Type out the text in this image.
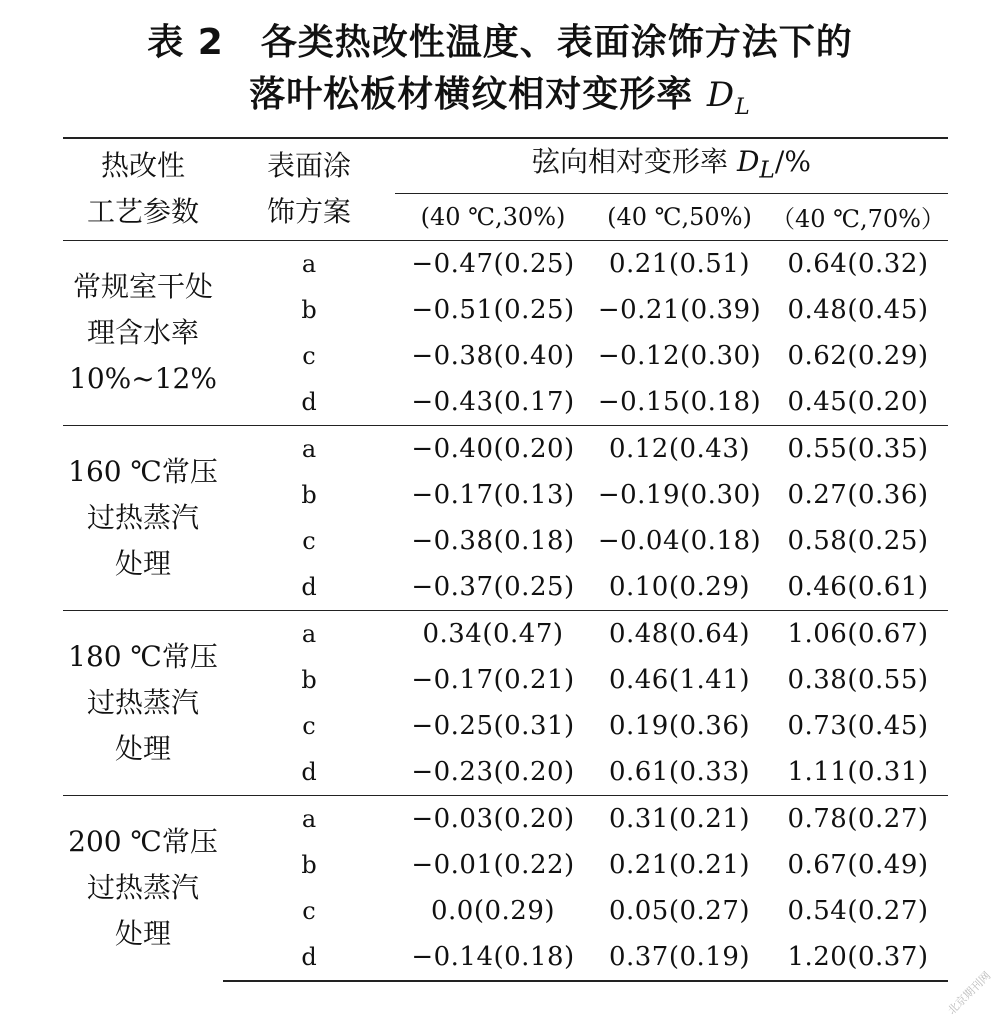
表 2　各类热改性温度、表面涂饰方法下的
落叶松板材横纹相对变形率 $D_L$
热改性
工艺参数	表面涂
饰方案	弦向相对变形率 $D_L/\%$		
		(40 ℃,30%)	(40 ℃,50%)	（40 ℃,70%）
常规室干处
理含水率
10%~12%	a	−0.47(0.25)	0.21(0.51)	0.64(0.32)
	b	−0.51(0.25)	−0.21(0.39)	0.48(0.45)
	c	−0.38(0.40)	−0.12(0.30)	0.62(0.29)
	d	−0.43(0.17)	−0.15(0.18)	0.45(0.20)
160 ℃常压
过热蒸汽
处理	a	−0.40(0.20)	0.12(0.43)	0.55(0.35)
	b	−0.17(0.13)	−0.19(0.30)	0.27(0.36)
	c	−0.38(0.18)	−0.04(0.18)	0.58(0.25)
	d	−0.37(0.25)	0.10(0.29)	0.46(0.61)
180 ℃常压
过热蒸汽
处理	a	0.34(0.47)	0.48(0.64)	1.06(0.67)
	b	−0.17(0.21)	0.46(1.41)	0.38(0.55)
	c	−0.25(0.31)	0.19(0.36)	0.73(0.45)
	d	−0.23(0.20)	0.61(0.33)	1.11(0.31)
200 ℃常压
过热蒸汽
处理	a	−0.03(0.20)	0.31(0.21)	0.78(0.27)
	b	−0.01(0.22)	0.21(0.21)	0.67(0.49)
	c	0.0(0.29)	0.05(0.27)	0.54(0.27)
	d	−0.14(0.18)	0.37(0.19)	1.20(0.37)
北京期刊网
